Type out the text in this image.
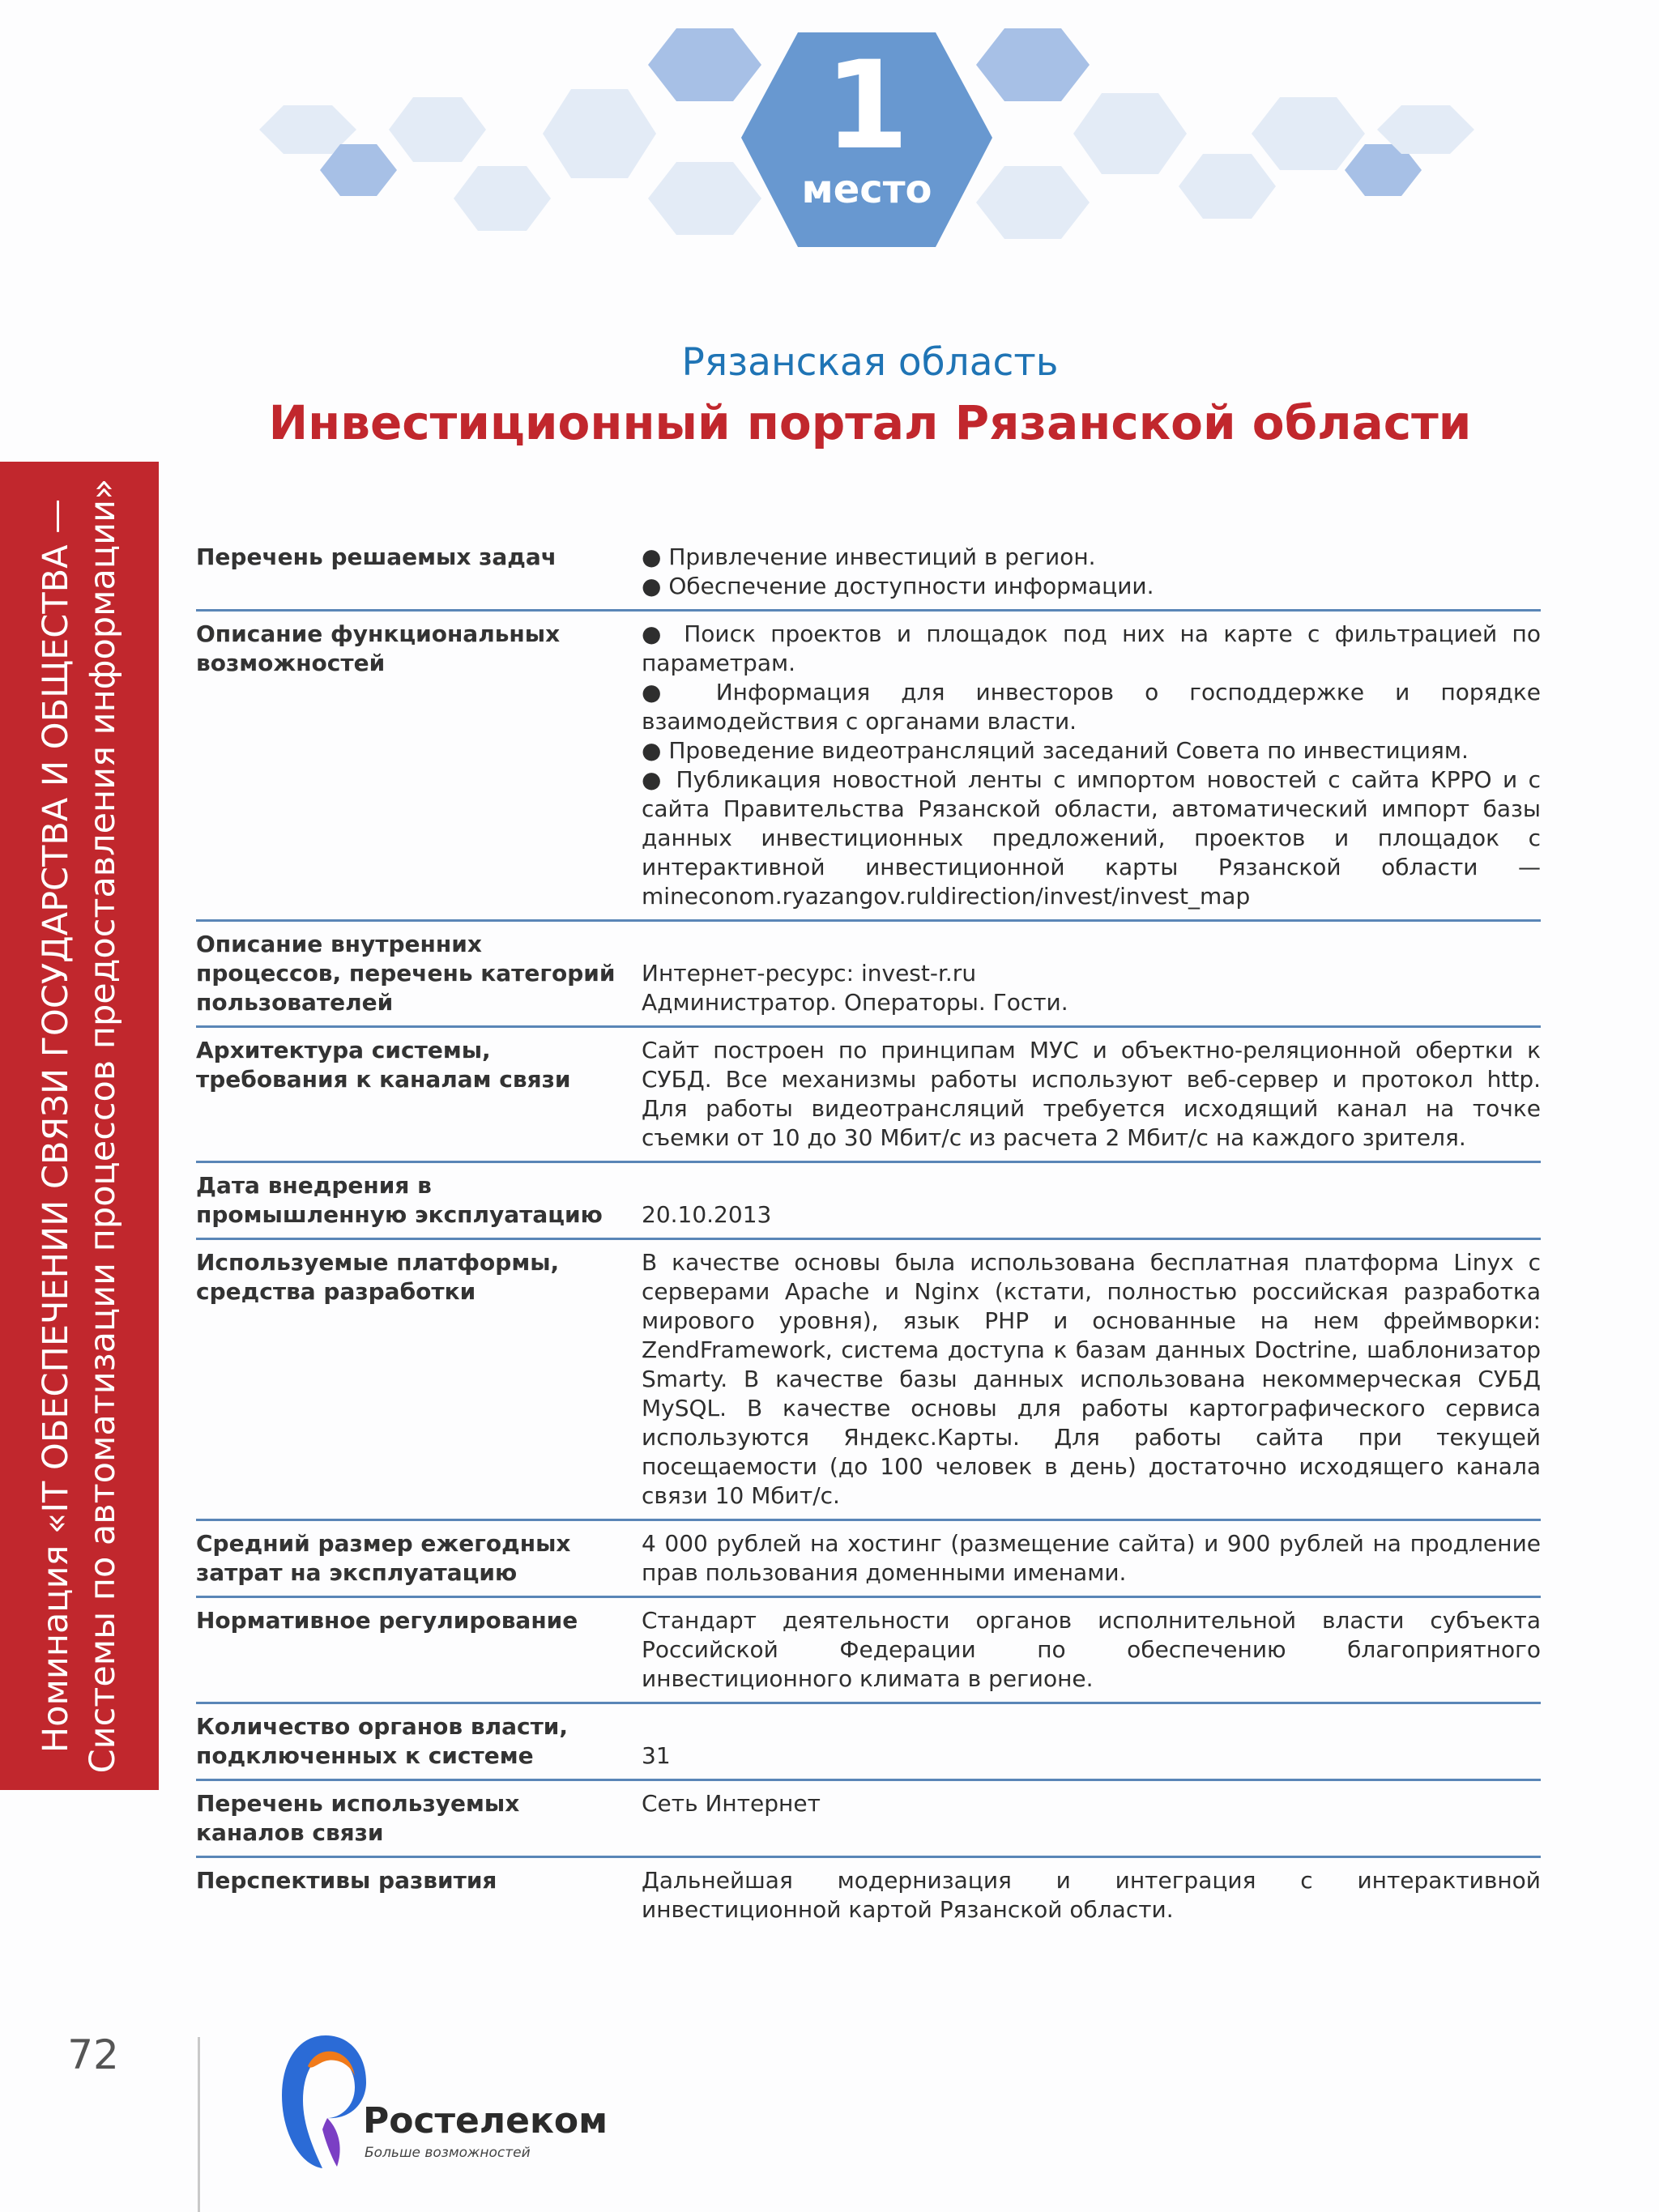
1
место
Номинация «IT ОБЕСПЕЧЕНИИ СВЯЗИ ГОСУДАРСТВА И ОБЩЕСТВА — Системы по автоматизации процессов предоставления информации»
Рязанская область
Инвестиционный портал Рязанской области
Перечень решаемых задач	● Привлечение инвестиций в регион.
● Обеспечение доступности информации.

Описание функциональных возможностей	● Поиск проектов и площадок под них на карте с фильтрацией по параметрам.
● Информация для инвесторов о господдержке и порядке взаимодействия с органами власти.
● Проведение видеотрансляций заседаний Совета по инвестициям.
● Публикация новостной ленты с импортом новостей с сайта КРРО и с сайта Правительства Рязанской области, автоматический импорт базы данных инвестиционных предложений, проектов и площадок с интерактивной инвестиционной карты Рязанской области — mineconom.ryazangov.ruldirection/invest/invest_map

Описание внутренних процессов, перечень категорий пользователей	Интернет-ресурс: invest-r.ru
Администратор. Операторы. Гости.

Архитектура системы, требования к каналам связи	Сайт построен по принципам МУС и объектно-реляционной обертки к СУБД. Все механизмы работы используют веб-сервер и протокол http. Для работы видеотрансляций требуется исходящий канал на точке съемки от 10 до 30 Мбит/с из расчета 2 Мбит/с на каждого зрителя.
Дата внедрения в промышленную эксплуатацию	20.10.2013
Используемые платформы, средства разработки	В качестве основы была использована бесплатная платформа Linyx с серверами Apache и Nginx (кстати, полностью российская разработка мирового уровня), язык PHP и основанные на нем фреймворки: ZendFramework, система доступа к базам данных Doctrine, шаблонизатор Smarty. В качестве базы данных использована некоммерческая СУБД MySQL. В качестве основы для работы картографического сервиса используются Яндекс.Карты. Для работы сайта при текущей посещаемости (до 100 человек в день) достаточно исходящего канала связи 10 Мбит/с.
Средний размер ежегодных затрат на эксплуатацию	4 000 рублей на хостинг (размещение сайта) и 900 рублей на продление прав пользования доменными именами.
Нормативное регулирование	Стандарт деятельности органов исполнительной власти субъекта Российской Федерации по обеспечению благоприятного инвестиционного климата в регионе.
Количество органов власти, подключенных к системе	31
Перечень используемых каналов связи	Сеть Интернет
Перспективы развития	Дальнейшая модернизация и интеграция с интерактивной инвестиционной картой Рязанской области.
72
Ростелеком
Больше возможностей
